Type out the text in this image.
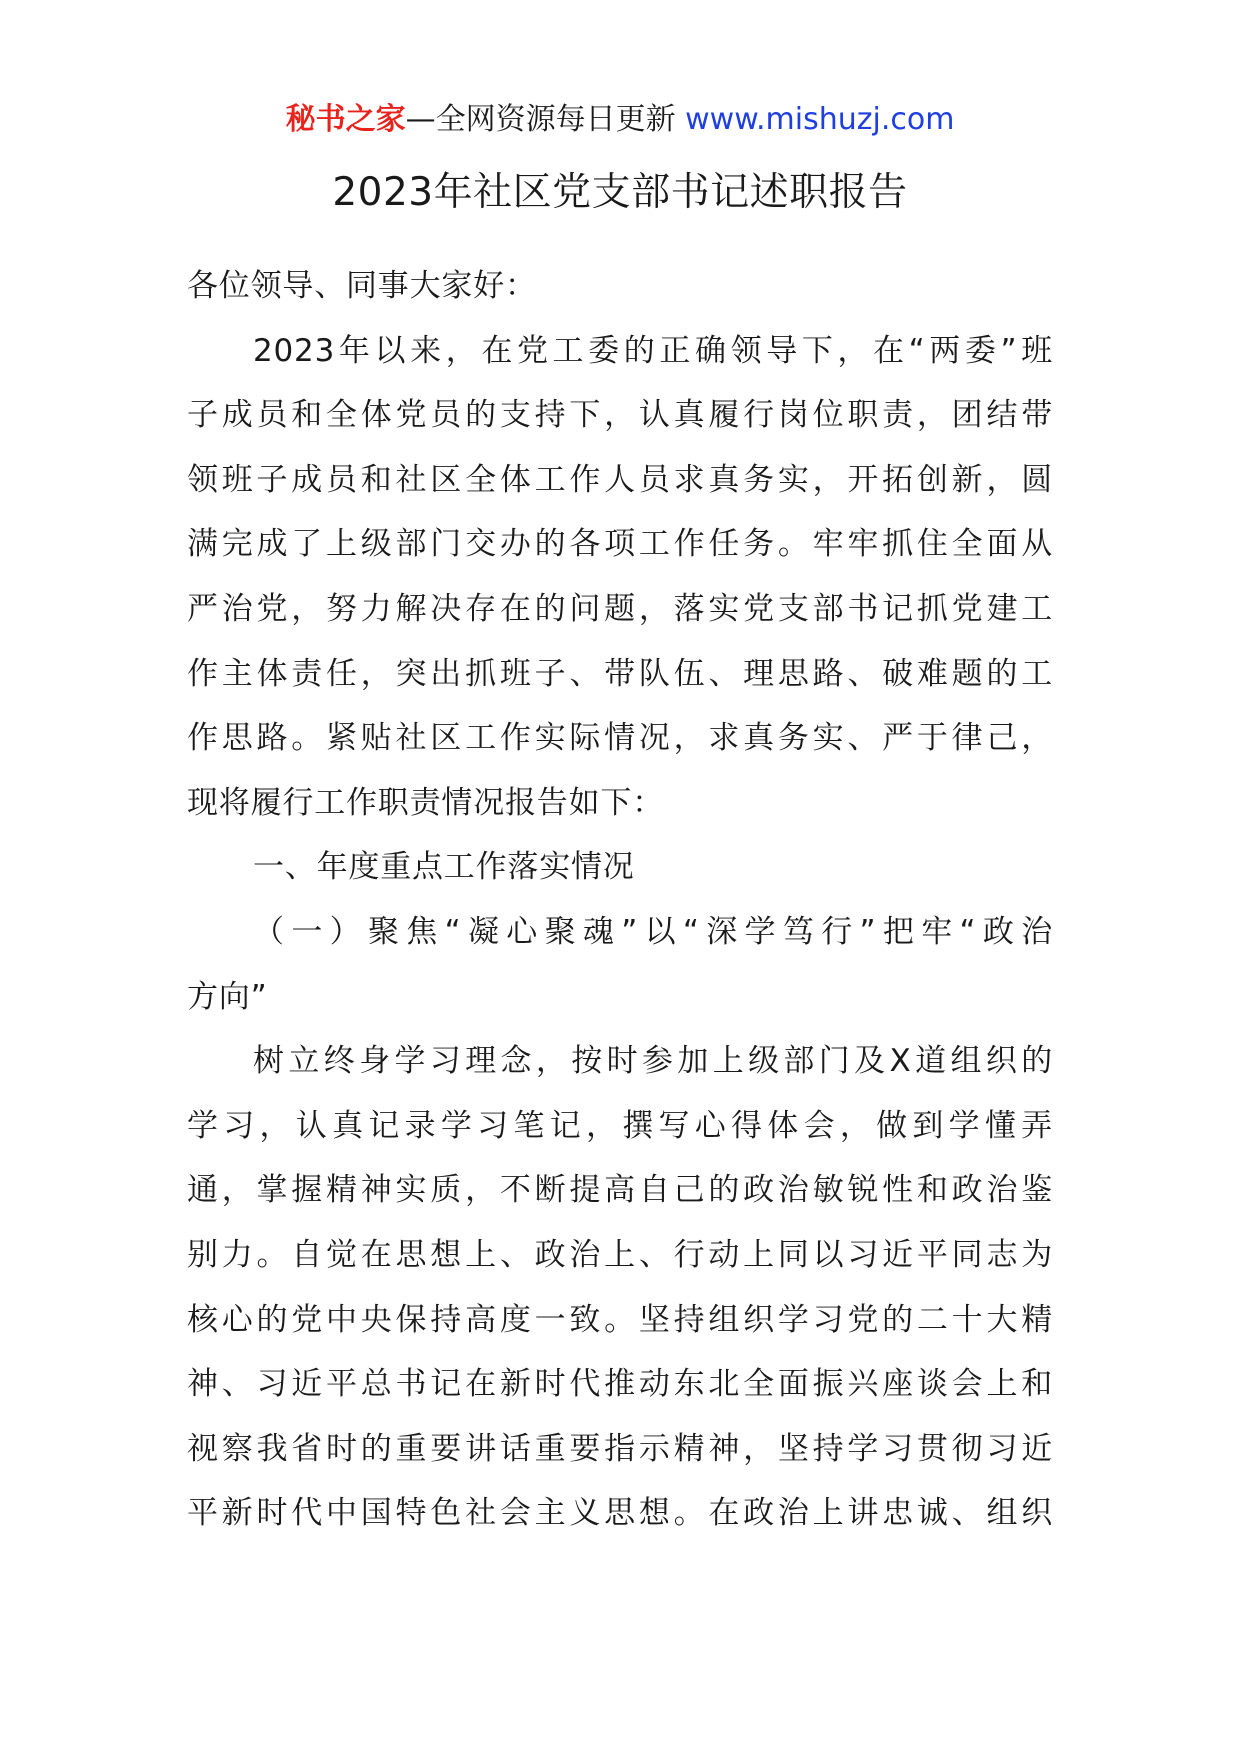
秘书之家—全网资源每日更新 www.mishuzj.com
2023年社区党支部书记述职报告
各位领导、同事大家好：
2023年以来，在党工委的正确领导下，在“两委”班
子成员和全体党员的支持下，认真履行岗位职责，团结带
领班子成员和社区全体工作人员求真务实，开拓创新，圆
满完成了上级部门交办的各项工作任务。牢牢抓住全面从
严治党，努力解决存在的问题，落实党支部书记抓党建工
作主体责任，突出抓班子、带队伍、理思路、破难题的工
作思路。紧贴社区工作实际情况，求真务实、严于律己，
现将履行工作职责情况报告如下：
一、年度重点工作落实情况
（一）聚焦“凝心聚魂”以“深学笃行”把牢“政治
方向”
树立终身学习理念，按时参加上级部门及X道组织的
学习，认真记录学习笔记，撰写心得体会，做到学懂弄
通，掌握精神实质，不断提高自己的政治敏锐性和政治鉴
别力。自觉在思想上、政治上、行动上同以习近平同志为
核心的党中央保持高度一致。坚持组织学习党的二十大精
神、习近平总书记在新时代推动东北全面振兴座谈会上和
视察我省时的重要讲话重要指示精神，坚持学习贯彻习近
平新时代中国特色社会主义思想。在政治上讲忠诚、组织
